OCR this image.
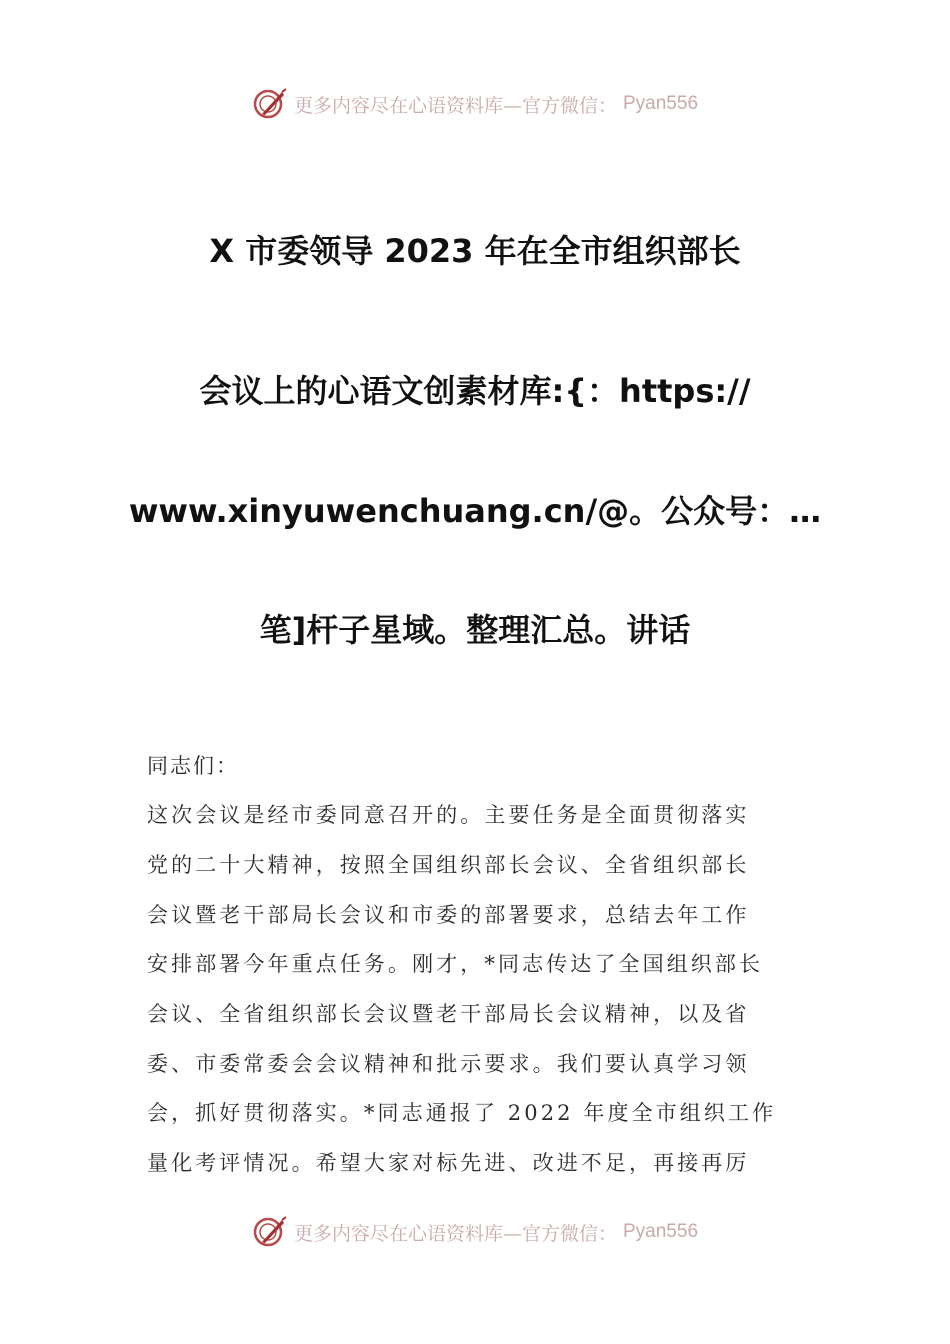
更多内容尽在心语资料库—官方微信： Pyan556
X 市委领导 2023 年在全市组织部长
会议上的心语文创素材库:{：https://
www.xinyuwenchuang.cn/@。公众号：…
笔]杆子星域。整理汇总。讲话
同志们：
这次会议是经市委同意召开的。主要任务是全面贯彻落实
党的二十大精神，按照全国组织部长会议、全省组织部长
会议暨老干部局长会议和市委的部署要求，总结去年工作
安排部署今年重点任务。刚才，*同志传达了全国组织部长
会议、全省组织部长会议暨老干部局长会议精神，以及省
委、市委常委会会议精神和批示要求。我们要认真学习领
会，抓好贯彻落实。*同志通报了 2022 年度全市组织工作
量化考评情况。希望大家对标先进、改进不足，再接再厉
更多内容尽在心语资料库—官方微信： Pyan556
